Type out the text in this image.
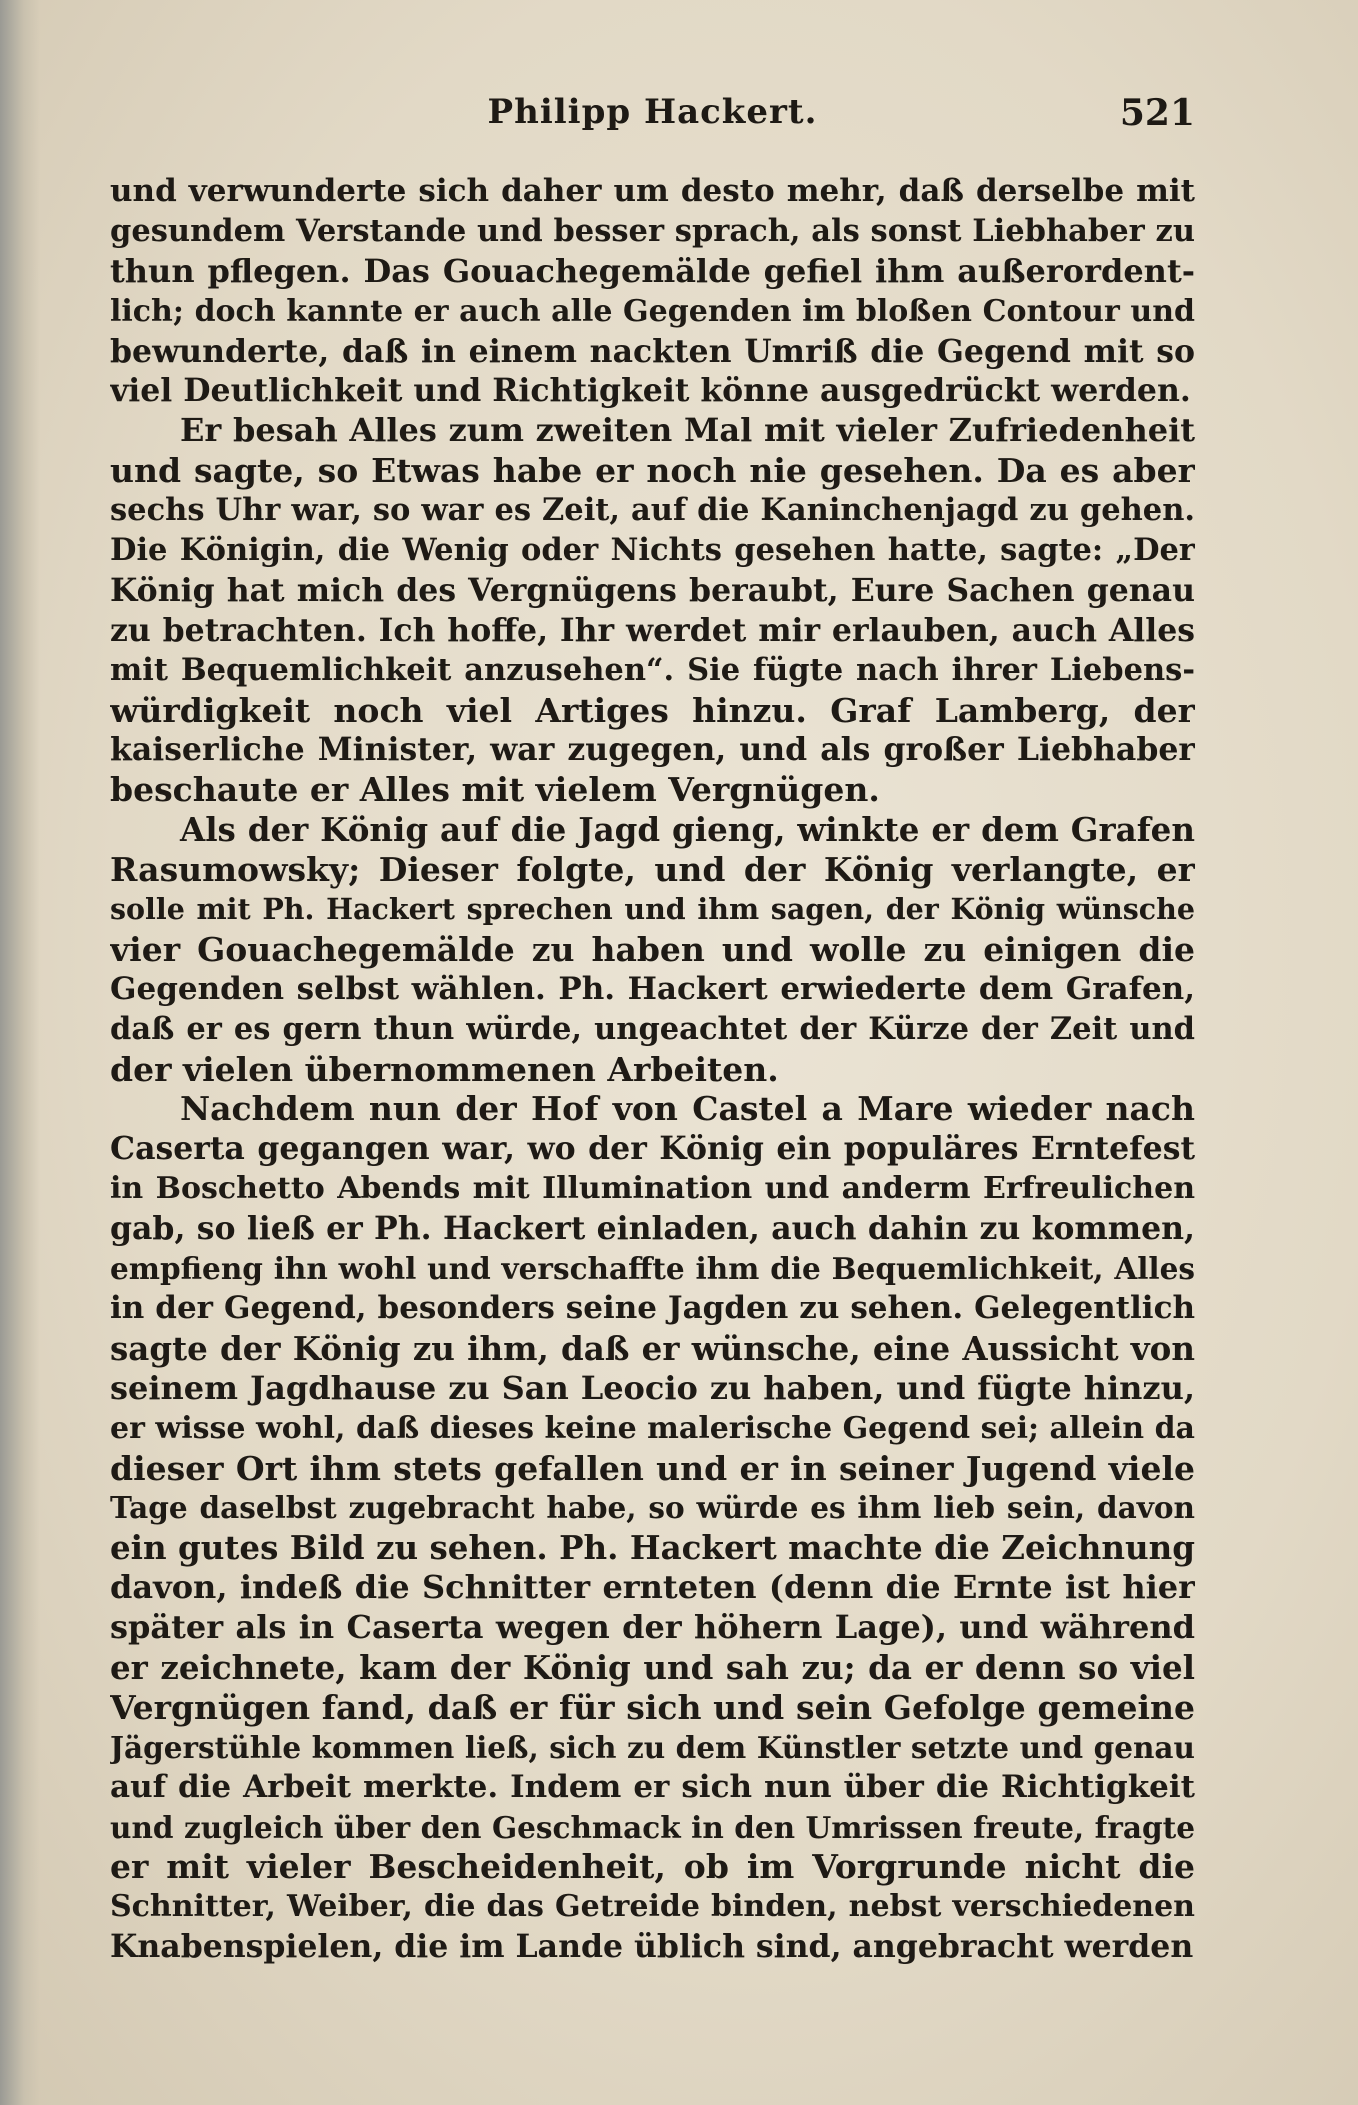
Philipp Hackert.	521
und verwunderte sich daher um desto mehr, daß derselbe mit
gesundem Verstande und besser sprach, als sonst Liebhaber zu
thun pflegen. Das Gouachegemälde gefiel ihm außerordent-
lich; doch kannte er auch alle Gegenden im bloßen Contour und
bewunderte, daß in einem nackten Umriß die Gegend mit so
viel Deutlichkeit und Richtigkeit könne ausgedrückt werden.
Er besah Alles zum zweiten Mal mit vieler Zufriedenheit
und sagte, so Etwas habe er noch nie gesehen. Da es aber
sechs Uhr war, so war es Zeit, auf die Kaninchenjagd zu gehen.
Die Königin, die Wenig oder Nichts gesehen hatte, sagte: „Der
König hat mich des Vergnügens beraubt, Eure Sachen genau
zu betrachten. Ich hoffe, Ihr werdet mir erlauben, auch Alles
mit Bequemlichkeit anzusehen“. Sie fügte nach ihrer Liebens-
würdigkeit noch viel Artiges hinzu. Graf Lamberg, der
kaiserliche Minister, war zugegen, und als großer Liebhaber
beschaute er Alles mit vielem Vergnügen.
Als der König auf die Jagd gieng, winkte er dem Grafen
Rasumowsky; Dieser folgte, und der König verlangte, er
solle mit Ph. Hackert sprechen und ihm sagen, der König wünsche
vier Gouachegemälde zu haben und wolle zu einigen die
Gegenden selbst wählen. Ph. Hackert erwiederte dem Grafen,
daß er es gern thun würde, ungeachtet der Kürze der Zeit und
der vielen übernommenen Arbeiten.
Nachdem nun der Hof von Castel a Mare wieder nach
Caserta gegangen war, wo der König ein populäres Erntefest
in Boschetto Abends mit Illumination und anderm Erfreulichen
gab, so ließ er Ph. Hackert einladen, auch dahin zu kommen,
empfieng ihn wohl und verschaffte ihm die Bequemlichkeit, Alles
in der Gegend, besonders seine Jagden zu sehen. Gelegentlich
sagte der König zu ihm, daß er wünsche, eine Aussicht von
seinem Jagdhause zu San Leocio zu haben, und fügte hinzu,
er wisse wohl, daß dieses keine malerische Gegend sei; allein da
dieser Ort ihm stets gefallen und er in seiner Jugend viele
Tage daselbst zugebracht habe, so würde es ihm lieb sein, davon
ein gutes Bild zu sehen. Ph. Hackert machte die Zeichnung
davon, indeß die Schnitter ernteten (denn die Ernte ist hier
später als in Caserta wegen der höhern Lage), und während
er zeichnete, kam der König und sah zu; da er denn so viel
Vergnügen fand, daß er für sich und sein Gefolge gemeine
Jägerstühle kommen ließ, sich zu dem Künstler setzte und genau
auf die Arbeit merkte. Indem er sich nun über die Richtigkeit
und zugleich über den Geschmack in den Umrissen freute, fragte
er mit vieler Bescheidenheit, ob im Vorgrunde nicht die
Schnitter, Weiber, die das Getreide binden, nebst verschiedenen
Knabenspielen, die im Lande üblich sind, angebracht werden
